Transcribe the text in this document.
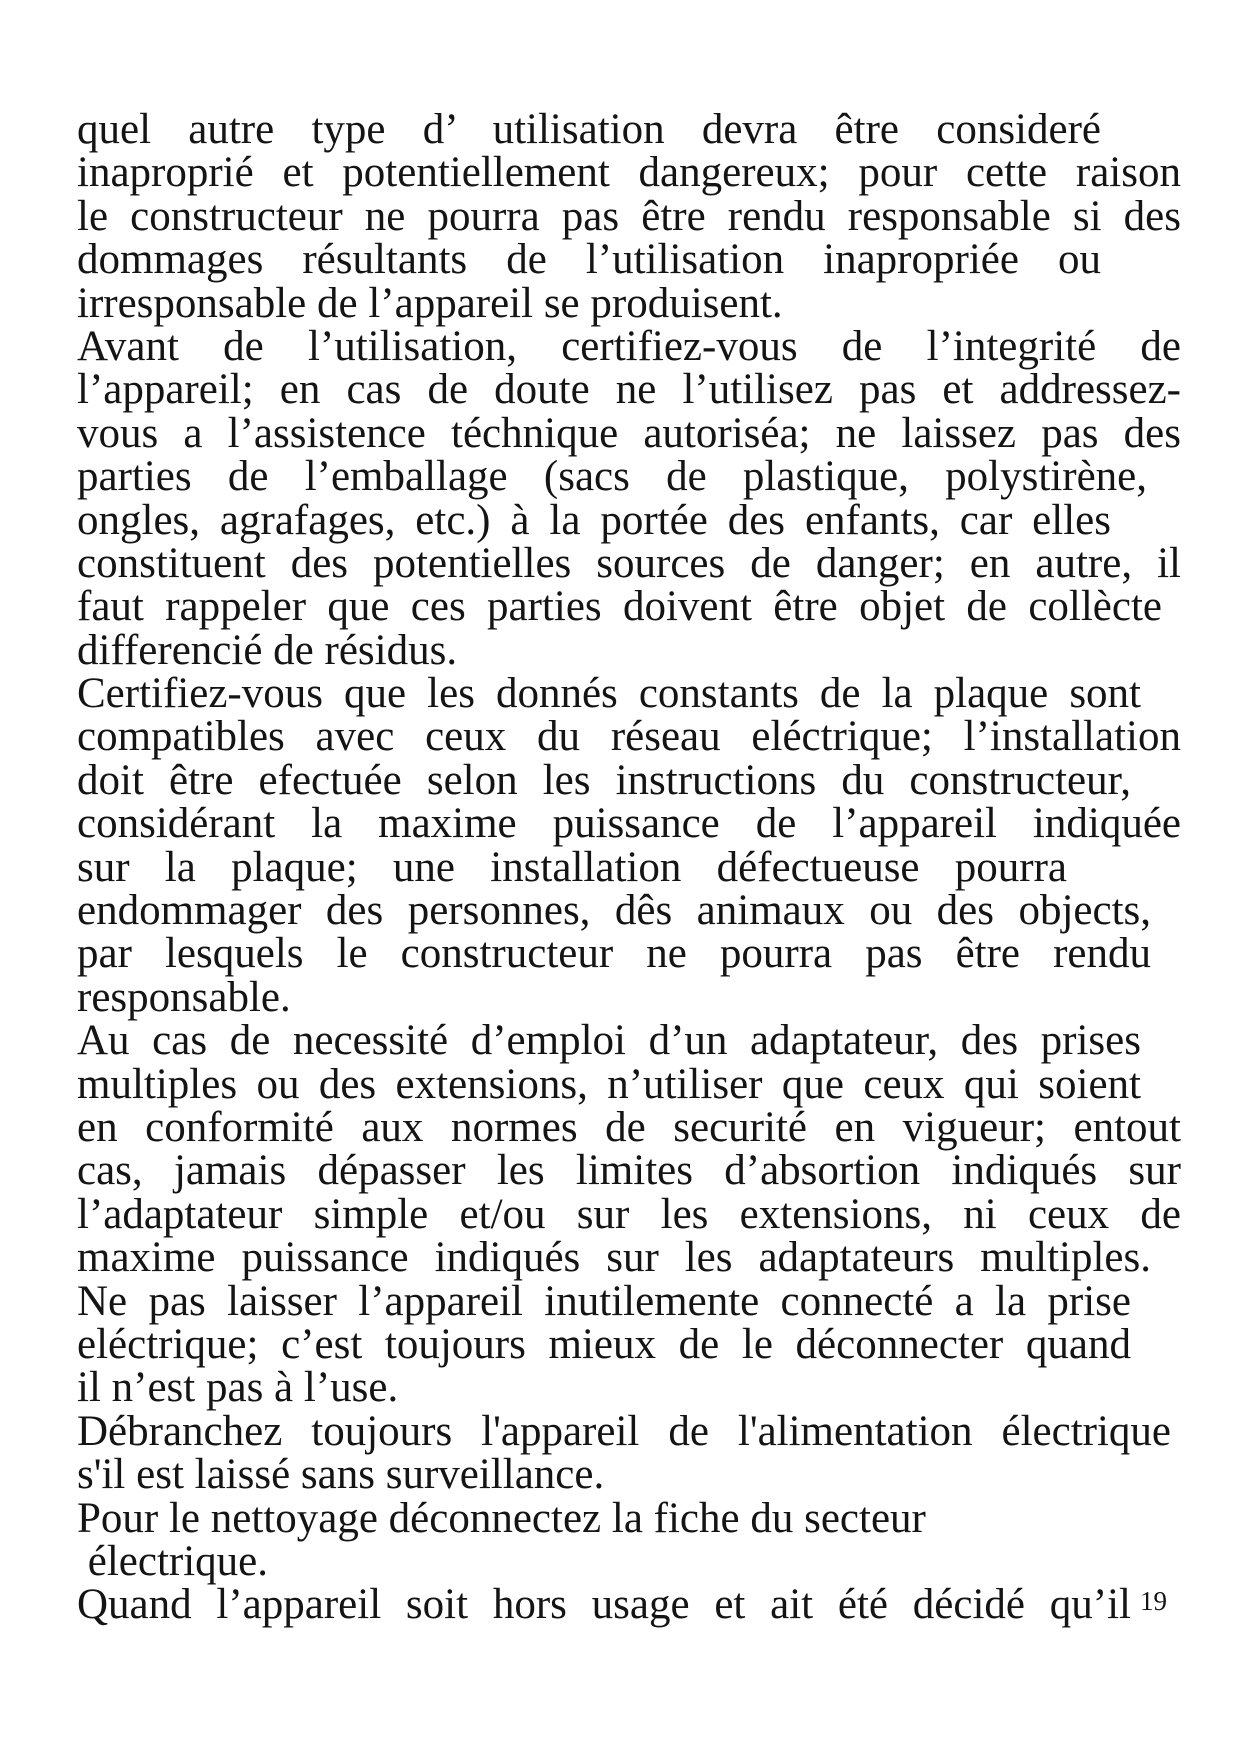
quel autre type d’ utilisation devra être consideré
inaproprié et potentiellement dangereux; pour cette raison
le constructeur ne pourra pas être rendu responsable si des
dommages résultants de l’utilisation inapropriée ou
irresponsable de l’appareil se produisent.
Avant de l’utilisation, certifiez-vous de l’integrité de
l’appareil; en cas de doute ne l’utilisez pas et addressez-
vous a l’assistence téchnique autoriséa; ne laissez pas des
parties de l’emballage (sacs de plastique, polystirène,
ongles, agrafages, etc.) à la portée des enfants, car elles
constituent des potentielles sources de danger; en autre, il
faut rappeler que ces parties doivent être objet de collècte
differencié de résidus.
Certifiez-vous que les donnés constants de la plaque sont
compatibles avec ceux du réseau eléctrique; l’installation
doit être efectuée selon les instructions du constructeur,
considérant la maxime puissance de l’appareil indiquée
sur la plaque; une installation défectueuse pourra
endommager des personnes, dês animaux ou des objects,
par lesquels le constructeur ne pourra pas être rendu
responsable.
Au cas de necessité d’emploi d’un adaptateur, des prises
multiples ou des extensions, n’utiliser que ceux qui soient
en conformité aux normes de securité en vigueur; entout
cas, jamais dépasser les limites d’absortion indiqués sur
l’adaptateur simple et/ou sur les extensions, ni ceux de
maxime puissance indiqués sur les adaptateurs multiples.
Ne pas laisser l’appareil inutilemente connecté a la prise
eléctrique; c’est toujours mieux de le déconnecter quand
il n’est pas à l’use.
Débranchez toujours l'appareil de l'alimentation électrique
s'il est laissé sans surveillance.
Pour le nettoyage déconnectez la fiche du secteur
électrique.
Quand l’appareil soit hors usage et ait été décidé qu’il 19
